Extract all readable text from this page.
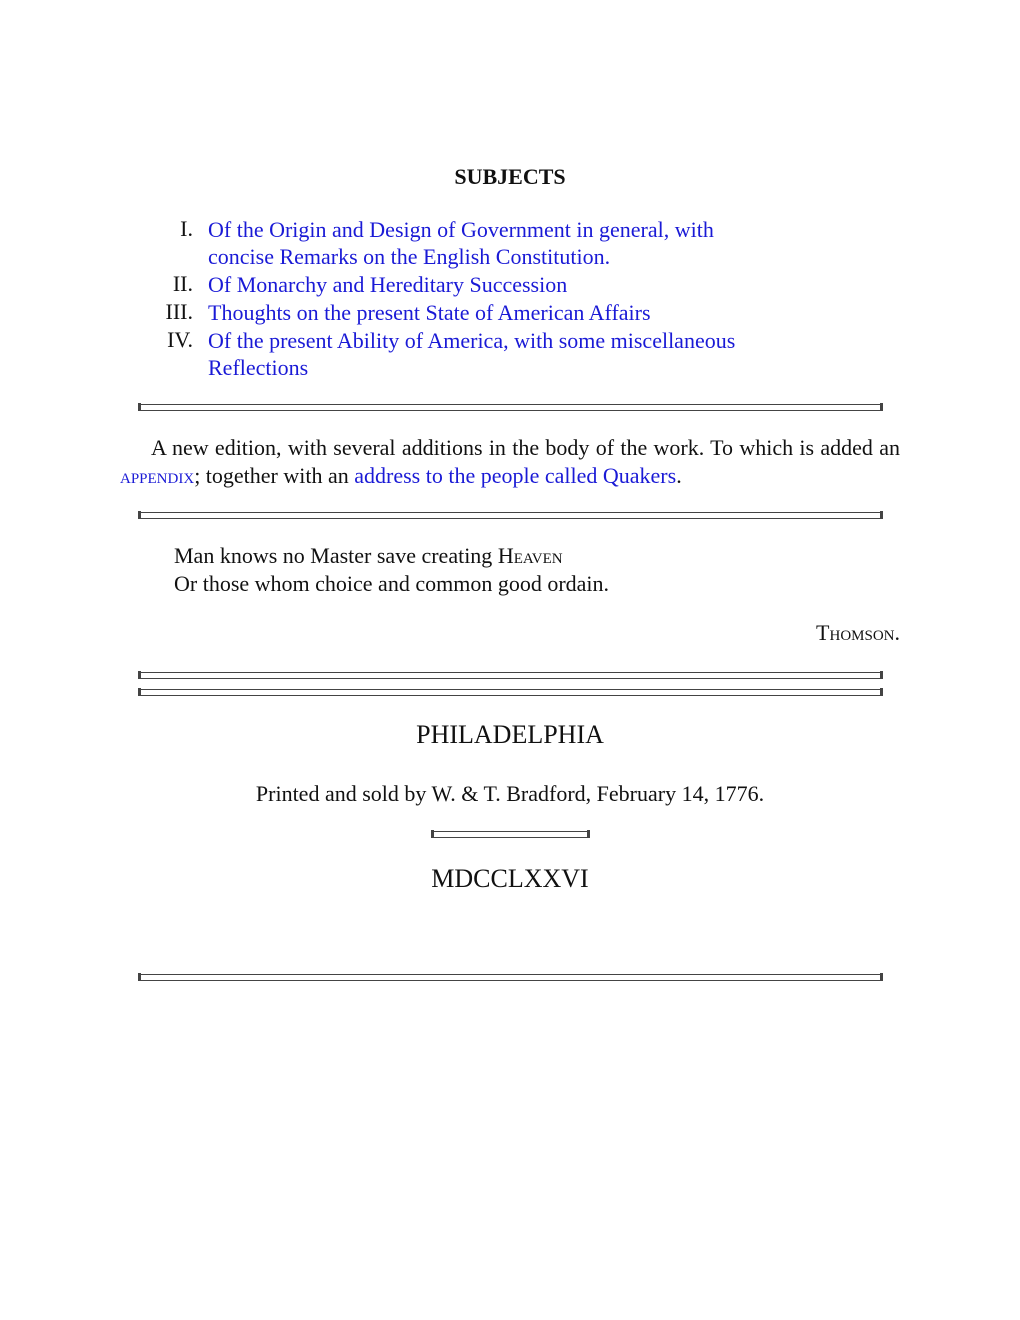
SUBJECTS
I. Of the Origin and Design of Government in general, with concise Remarks on the English Constitution.
II. Of Monarchy and Hereditary Succession
III. Thoughts on the present State of American Affairs
IV. Of the present Ability of America, with some miscellaneous Reflections
A new edition, with several additions in the body of the work. To which is added an appendix; together with an address to the people called Quakers.
Man knows no Master save creating Heaven
Or those whom choice and common good ordain.
Thomson.
PHILADELPHIA
Printed and sold by W. & T. Bradford, February 14, 1776.
MDCCLXXVI
